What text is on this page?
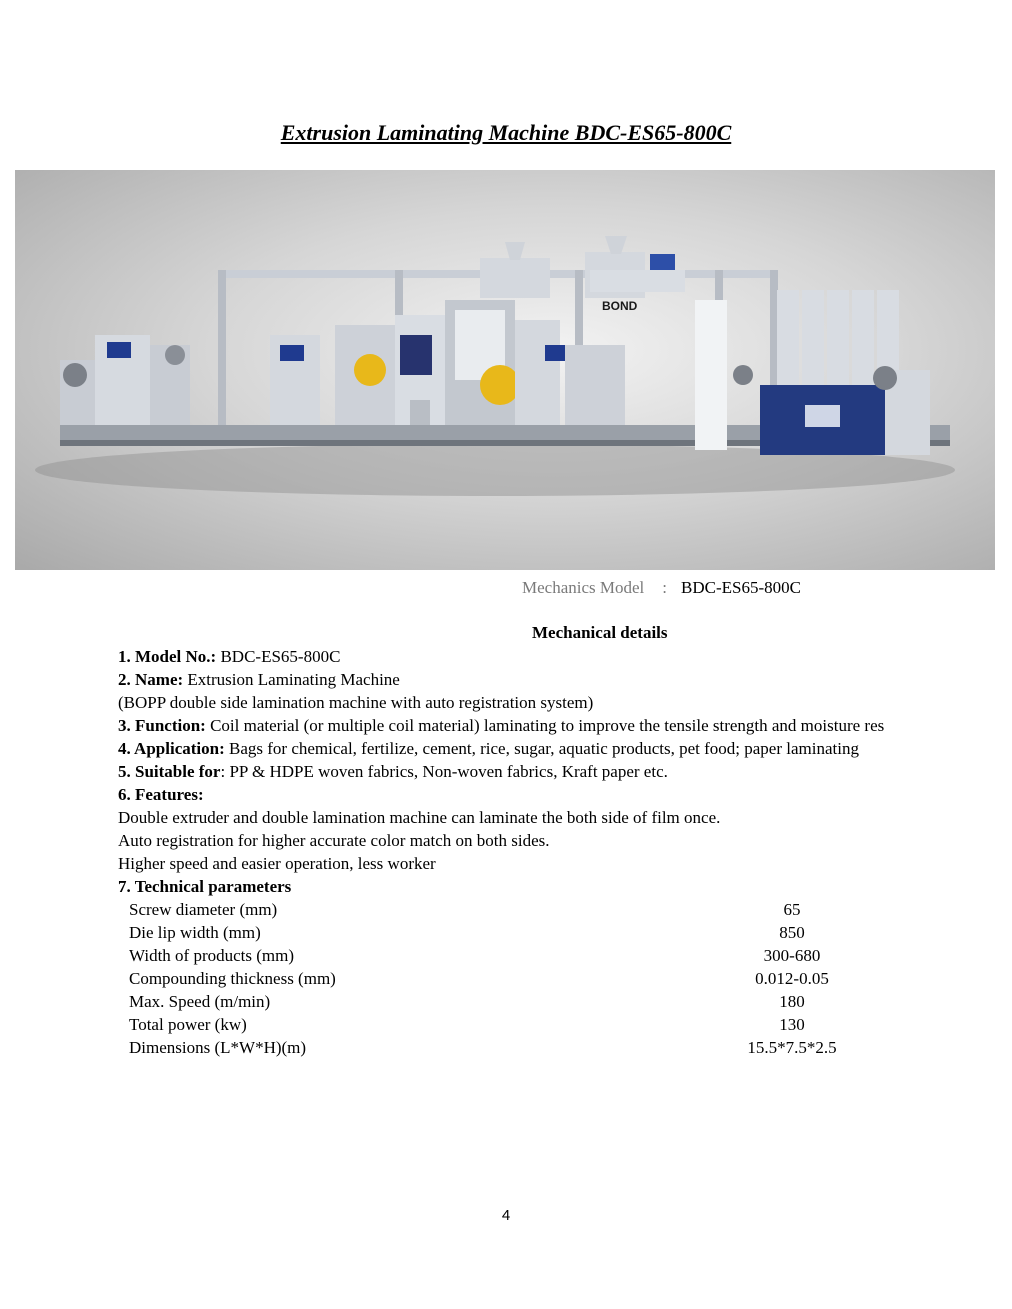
Extrusion Laminating Machine BDC-ES65-800C
BOND
Mechanics Model : BDC-ES65-800C
Mechanical details
1. Model No.: BDC-ES65-800C
2. Name: Extrusion Laminating Machine
(BOPP double side lamination machine with auto registration system)
3. Function: Coil material (or multiple coil material) laminating to improve the tensile strength and moisture res
4. Application: Bags for chemical, fertilize, cement, rice, sugar, aquatic products, pet food; paper laminating
5. Suitable for: PP & HDPE woven fabrics, Non-woven fabrics, Kraft paper etc.
6. Features:
Double extruder and double lamination machine can laminate the both side of film once.
Auto registration for higher accurate color match on both sides.
Higher speed and easier operation, less worker
7. Technical parameters
Screw diameter (mm)	65
Die lip width (mm)	850
Width of products (mm)	300-680
Compounding thickness (mm)	0.012-0.05
Max. Speed (m/min)	180
Total power (kw)	130
Dimensions (L*W*H)(m)	15.5*7.5*2.5
4
